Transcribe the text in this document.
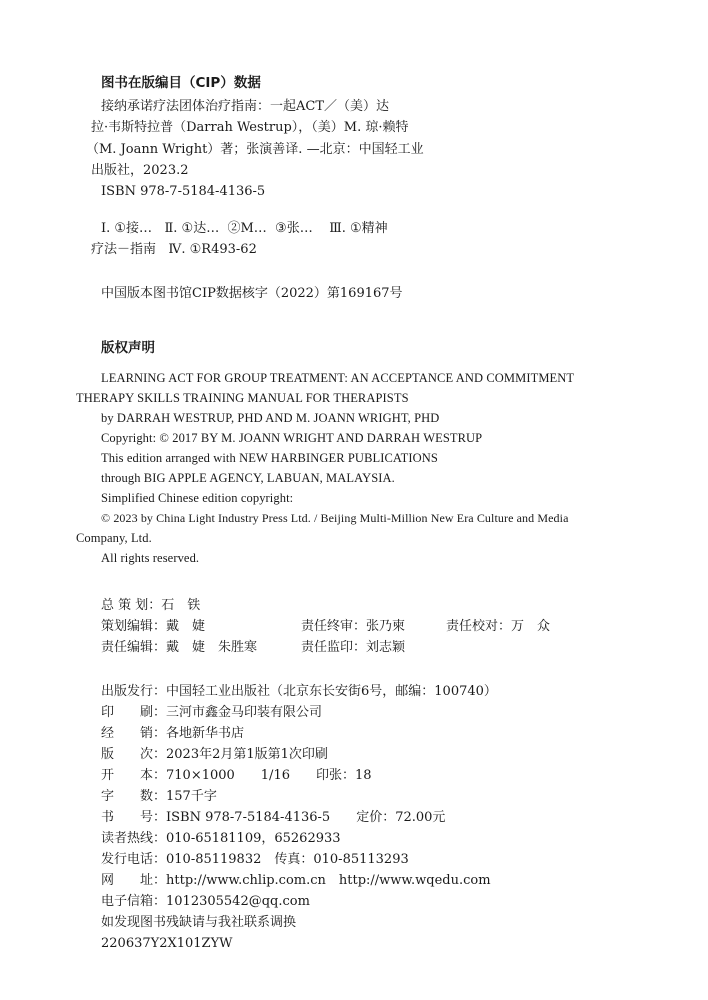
图书在版编目（CIP）数据
接纳承诺疗法团体治疗指南：一起ACT／（美）达
拉·韦斯特拉普（Darrah Westrup），（美）M. 琼·赖特
（M. Joann Wright）著；张演善译. —北京：中国轻工业
出版社，2023.2
ISBN 978-7-5184-4136-5
Ⅰ. ①接…   Ⅱ. ①达…  ②M…  ③张…    Ⅲ. ①精神
疗法－指南   Ⅳ. ①R493-62
中国版本图书馆CIP数据核字（2022）第169167号
版权声明
LEARNING ACT FOR GROUP TREATMENT: AN ACCEPTANCE AND COMMITMENT
THERAPY SKILLS TRAINING MANUAL FOR THERAPISTS
by DARRAH WESTRUP, PHD AND M. JOANN WRIGHT, PHD
Copyright: © 2017 BY M. JOANN WRIGHT AND DARRAH WESTRUP
This edition arranged with NEW HARBINGER PUBLICATIONS
through BIG APPLE AGENCY, LABUAN, MALAYSIA.
Simplified Chinese edition copyright:
© 2023 by China Light Industry Press Ltd. / Beijing Multi-Million New Era Culture and Media
Company, Ltd.
All rights reserved.
总 策 划：石　铁
策划编辑：戴　婕	责任终审：张乃柬	责任校对：万　众
责任编辑：戴　婕　朱胜寒	责任监印：刘志颖
出版发行：中国轻工业出版社（北京东长安街6号，邮编：100740）
印　　刷：三河市鑫金马印装有限公司
经　　销：各地新华书店
版　　次：2023年2月第1版第1次印刷
开　　本：710×1000　　1/16　　印张：18
字　　数：157千字
书　　号：ISBN 978-7-5184-4136-5　　定价：72.00元
读者热线：010-65181109，65262933
发行电话：010-85119832　传真：010-85113293
网　　址：http://www.chlip.com.cn　http://www.wqedu.com
电子信箱：1012305542@qq.com
如发现图书残缺请与我社联系调换
220637Y2X101ZYW
